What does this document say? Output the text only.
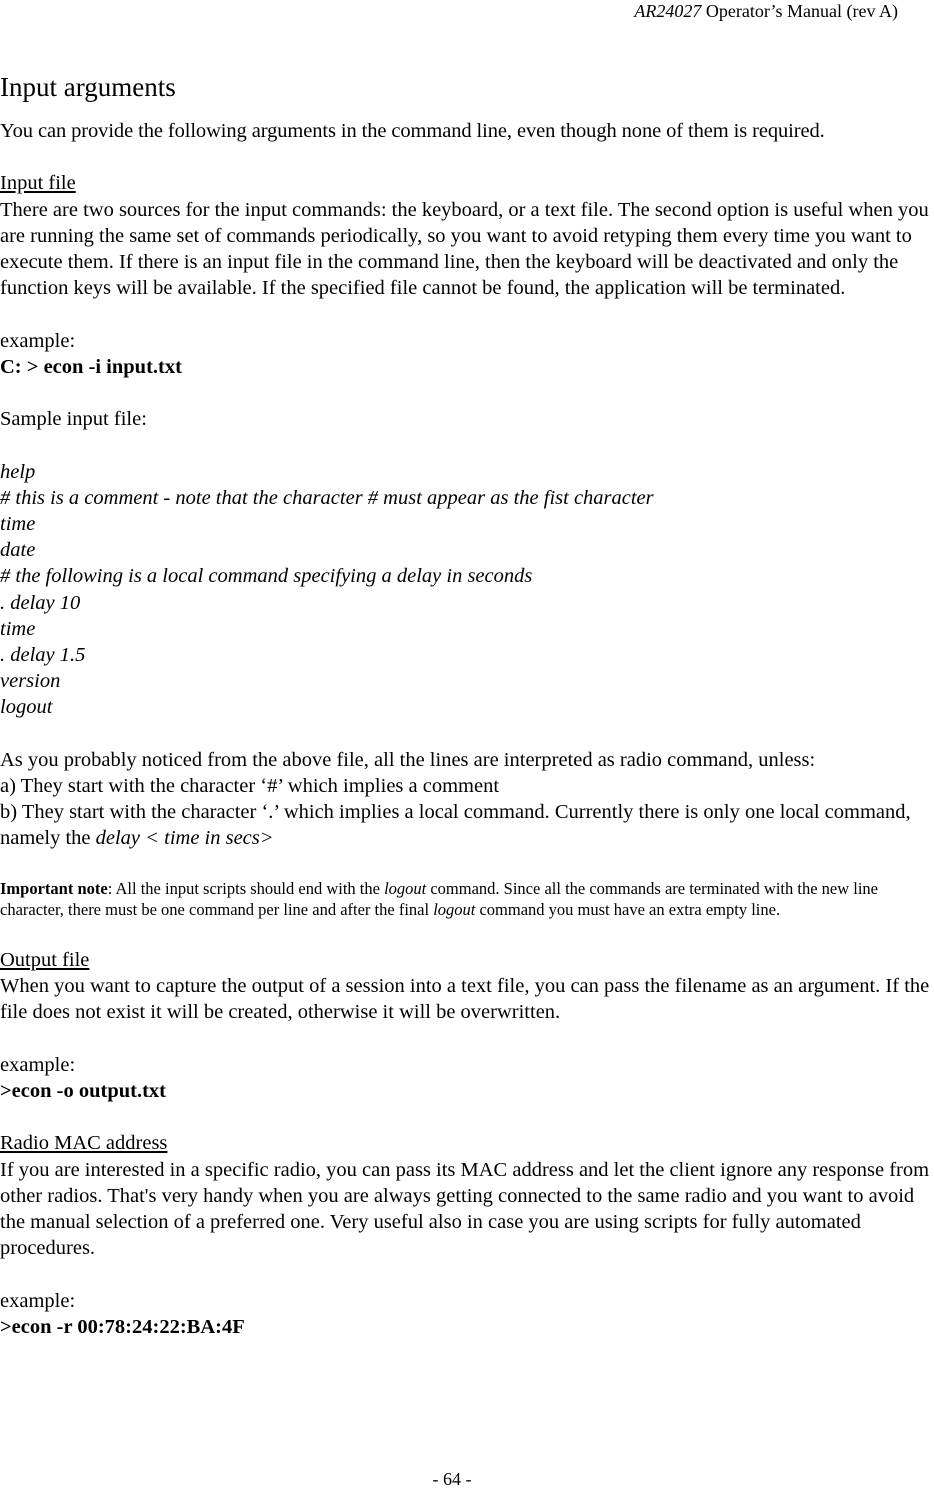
AR24027 Operator’s Manual (rev A)
Input arguments

You can provide the following arguments in the command line, even though none of them is required.

Input file

There are two sources for the input commands: the keyboard, or a text file. The second option is useful when you are running the same set of commands periodically, so you want to avoid retyping them every time you want to execute them. If there is an input file in the command line, then the keyboard will be deactivated and only the function keys will be available. If the specified file cannot be found, the application will be terminated.

example:

C: > econ -i input.txt

Sample input file:

help

# this is a comment - note that the character # must appear as the fist character

time

date

# the following is a local command specifying a delay in seconds

. delay 10

time

. delay 1.5

version

logout

As you probably noticed from the above file, all the lines are interpreted as radio command, unless:

a) They start with the character ‘#’ which implies a comment

b) They start with the character ‘.’ which implies a local command. Currently there is only one local command, namely the delay < time in secs>

Important note: All the input scripts should end with the logout command. Since all the commands are terminated with the new line character, there must be one command per line and after the final logout command you must have an extra empty line.

Output file

When you want to capture the output of a session into a text file, you can pass the filename as an argument. If the file does not exist it will be created, otherwise it will be overwritten.

example:

>econ -o output.txt

Radio MAC address

If you are interested in a specific radio, you can pass its MAC address and let the client ignore any response from other radios. That's very handy when you are always getting connected to the same radio and you want to avoid the manual selection of a preferred one. Very useful also in case you are using scripts for fully automated procedures.

example:

>econ -r 00:78:24:22:BA:4F

- 64 -
